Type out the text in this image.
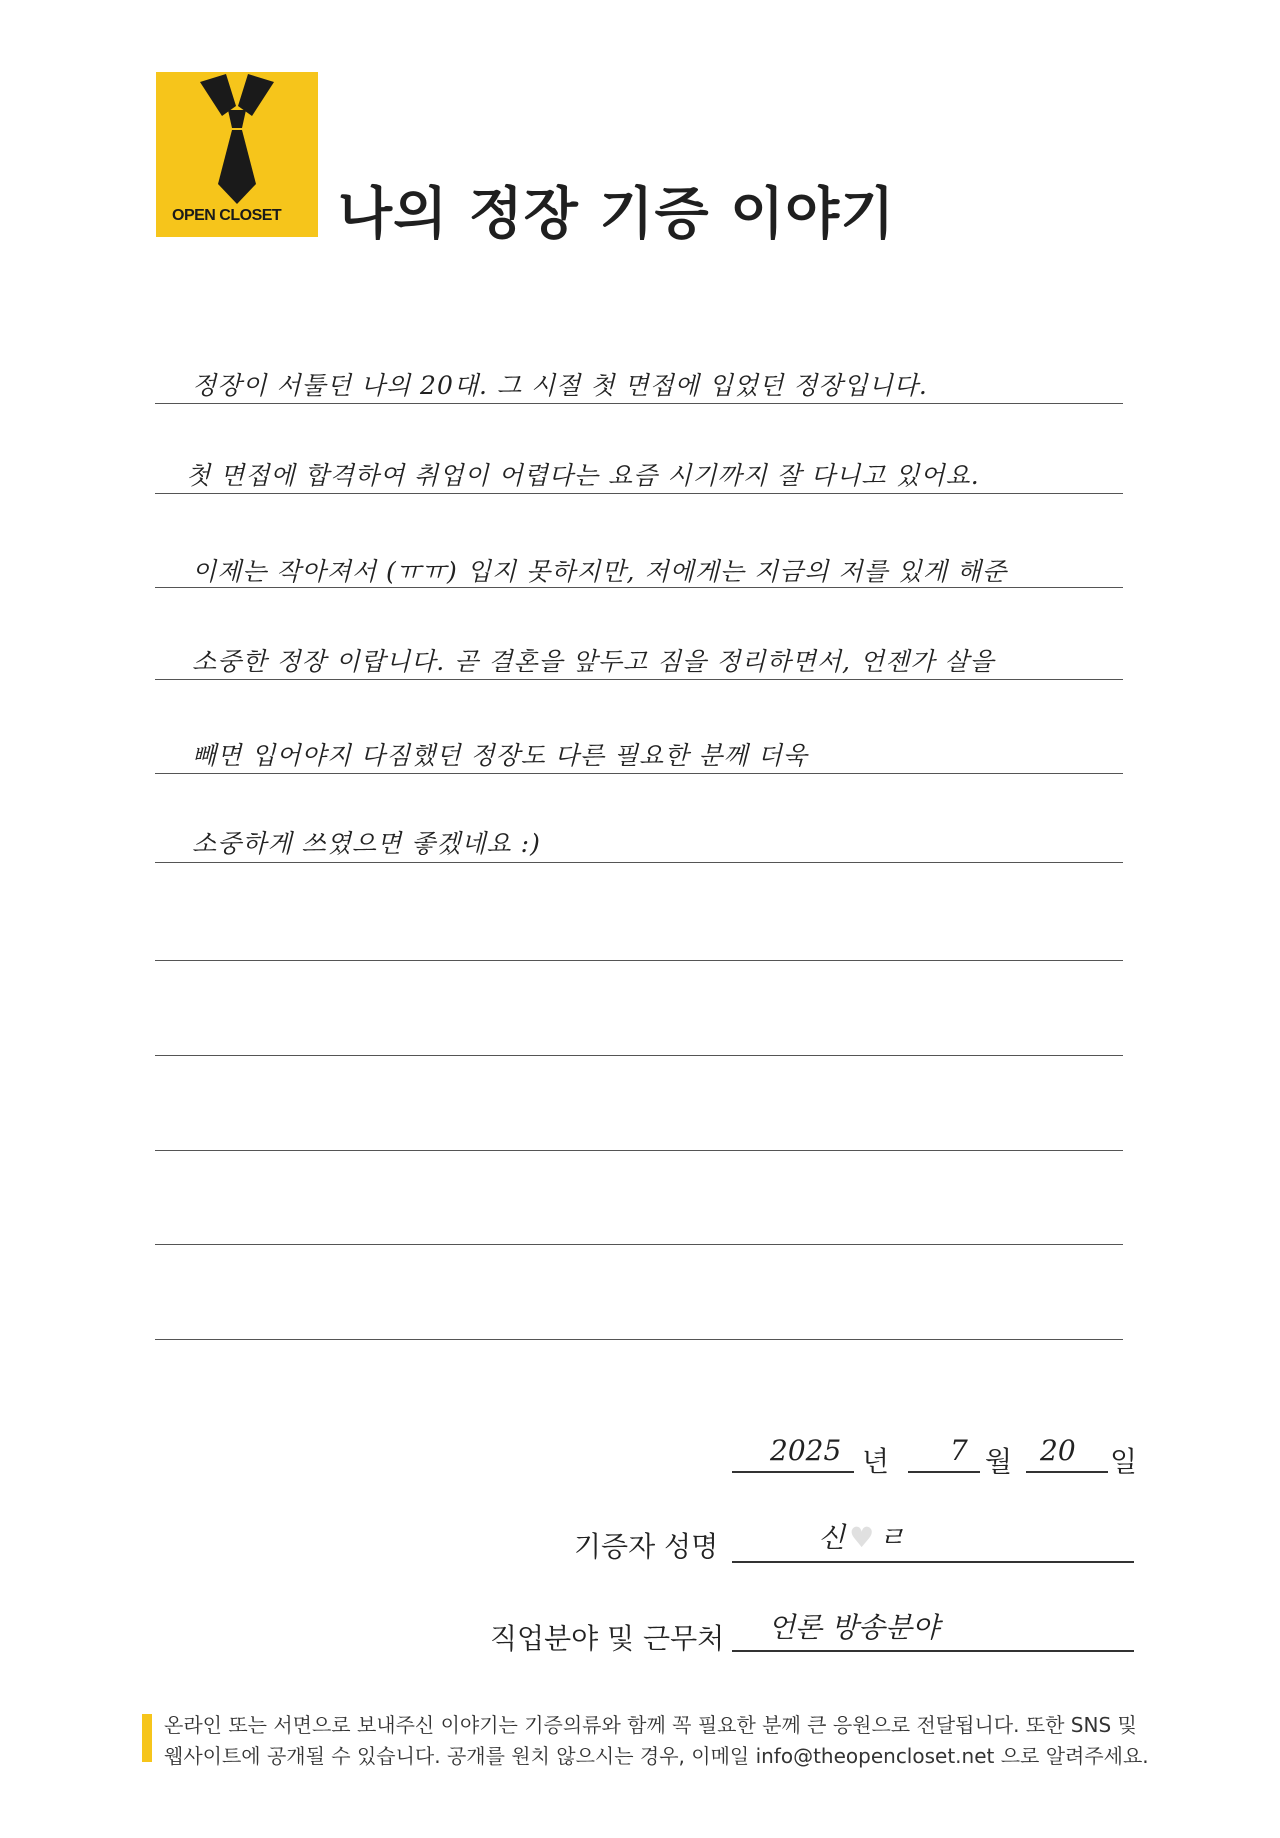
OPEN CLOSET 나의 정장 기증 이야기
정장이 서툴던 나의 20대. 그 시절 첫 면접에 입었던 정장입니다.
첫 면접에 합격하여 취업이 어렵다는 요즘 시기까지 잘 다니고 있어요.
이제는 작아져서 (ㅠㅠ) 입지 못하지만, 저에게는 지금의 저를 있게 해준
소중한 정장 이랍니다. 곧 결혼을 앞두고 짐을 정리하면서, 언젠가 살을
빼면 입어야지 다짐했던 정장도 다른 필요한 분께 더욱
소중하게 쓰였으면 좋겠네요 :)
2025 년 7 월 20 일
기증자 성명	신 ♥ ㄹ
직업분야 및 근무처 언론 방송분야
온라인 또는 서면으로 보내주신 이야기는 기증의류와 함께 꼭 필요한 분께 큰 응원으로 전달됩니다. 또한 SNS 및
웹사이트에 공개될 수 있습니다. 공개를 원치 않으시는 경우, 이메일 info@theopencloset.net 으로 알려주세요.
